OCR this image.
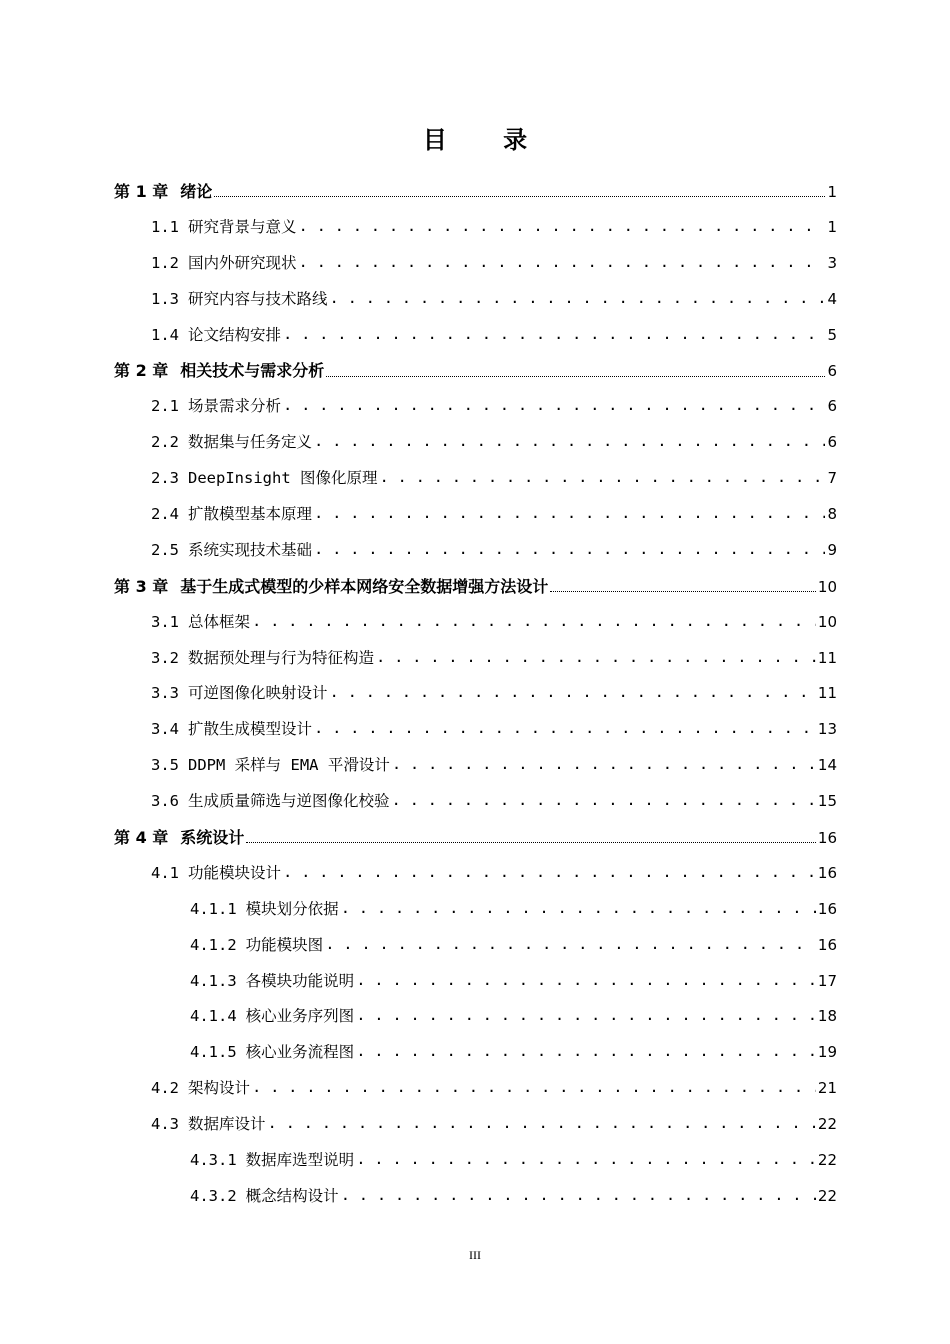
目 录
第 1 章 绪论	1
1.1 研究背景与意义 . . .	1
1.2 国内外研究现状 . . .	3
1.3 研究内容与技术路线 . . .	4
1.4 论文结构安排 . . .	5
第 2 章 相关技术与需求分析	6
2.1 场景需求分析 . . .	6
2.2 数据集与任务定义 . . .	6
2.3 DeepInsight 图像化原理 . . .	7
2.4 扩散模型基本原理 . . .	8
2.5 系统实现技术基础 . . .	9
第 3 章 基于生成式模型的少样本网络安全数据增强方法设计	10
3.1 总体框架 . . .	10
3.2 数据预处理与行为特征构造 . . .	11
3.3 可逆图像化映射设计 . . .	11
3.4 扩散生成模型设计 . . .	13
3.5 DDPM 采样与 EMA 平滑设计 . . .	14
3.6 生成质量筛选与逆图像化校验 . . .	15
第 4 章 系统设计	16
4.1 功能模块设计 . . .	16
4.1.1 模块划分依据 . . .	16
4.1.2 功能模块图 . . .	16
4.1.3 各模块功能说明 . . .	17
4.1.4 核心业务序列图 . . .	18
4.1.5 核心业务流程图 . . .	19
4.2 架构设计 . . .	21
4.3 数据库设计 . . .	22
4.3.1 数据库选型说明 . . .	22
4.3.2 概念结构设计 . . .	22
III
